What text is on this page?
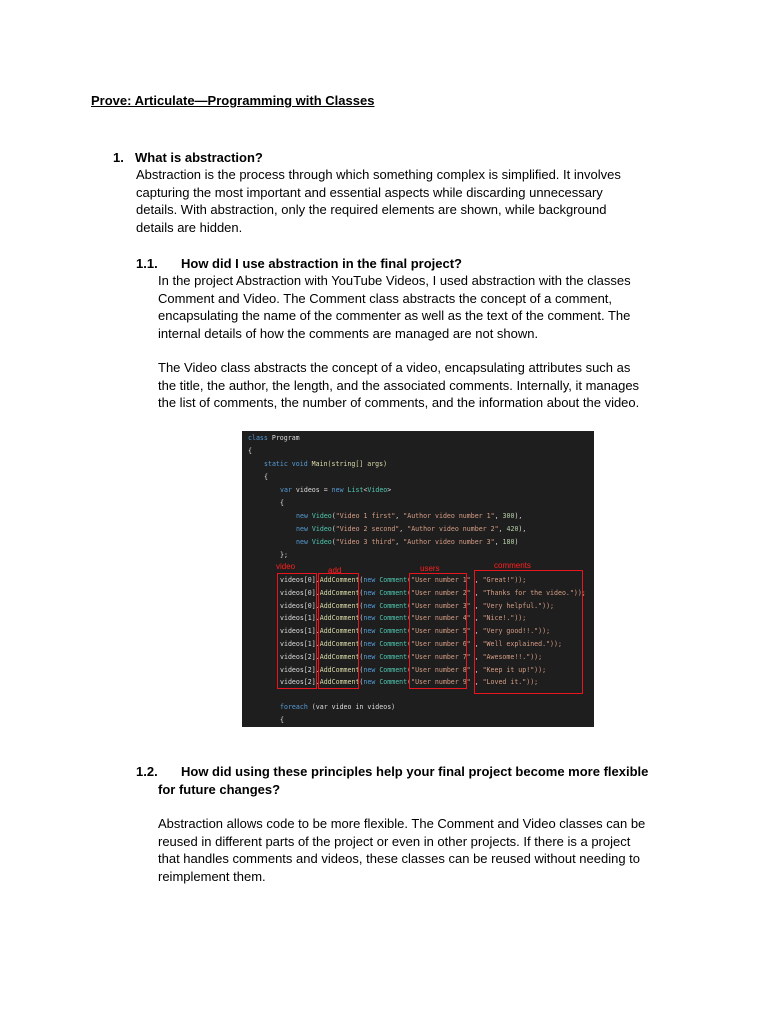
Prove: Articulate—Programming with Classes
1. What is abstraction?

Abstraction is the process through which something complex is simplified. It involves
capturing the most important and essential aspects while discarding unnecessary
details. With abstraction, only the required elements are shown, while background
details are hidden.

1.1. How did I use abstraction in the final project?

In the project Abstraction with YouTube Videos, I used abstraction with the classes
Comment and Video. The Comment class abstracts the concept of a comment,
encapsulating the name of the commenter as well as the text of the comment. The
internal details of how the comments are managed are not shown.

The Video class abstracts the concept of a video, encapsulating attributes such as
the title, the author, the length, and the associated comments. Internally, it manages
the list of comments, the number of comments, and the information about the video.

class Program
{
static void Main(string[] args)
{
var videos = new List<Video>
{
new Video("Video 1 first", "Author video number 1", 300),
new Video("Video 2 second", "Author video number 2", 420),
new Video("Video 3 third", "Author video number 3", 180)
};
video	add	users	comments
videos[0].AddComment(new Comment("User number 1" , "Great!"));
videos[0].AddComment(new Comment("User number 2" , "Thanks for the video."));
videos[0].AddComment(new Comment("User number 3" , "Very helpful."));
videos[1].AddComment(new Comment("User number 4" , "Nice!."));
videos[1].AddComment(new Comment("User number 5" , "Very good!!."));
videos[1].AddComment(new Comment("User number 6" , "Well explained."));
videos[2].AddComment(new Comment("User number 7" , "Awesome!!."));
videos[2].AddComment(new Comment("User number 8" , "Keep it up!"));
videos[2].AddComment(new Comment("User number 9" , "Loved it."));
foreach (var video in videos)
{
1.2. How did using these principles help your final project become more flexible
for future changes?

Abstraction allows code to be more flexible. The Comment and Video classes can be
reused in different parts of the project or even in other projects. If there is a project
that handles comments and videos, these classes can be reused without needing to
reimplement them.
